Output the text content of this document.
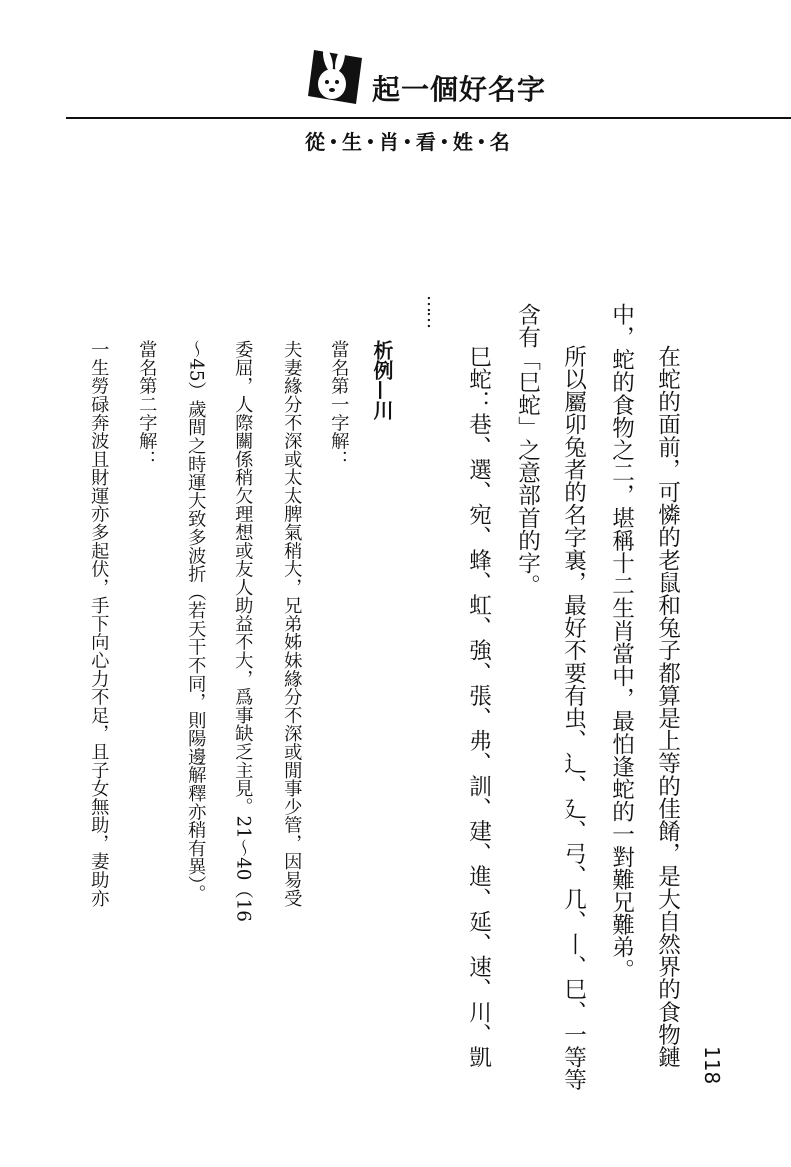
起一個好名字
從 • 生 • 肖 • 看 • 姓 • 名
在蛇的面前，可憐的老鼠和兔子都算是上等的佳餚，是大自然界的食物鏈
中，蛇的食物之二，堪稱十二生肖當中，最怕逢蛇的一對難兄難弟。
所以屬卯兔者的名字裏，最好不要有虫、辶、廴、弓、几、丨、巳、一等等
含有「巳蛇」之意部首的字。
巳蛇：巷、選、宛、蜂、虹、強、張、弗、訓、建、進、延、速、川、凱
……
析例—川
當名第一字解：
夫妻緣分不深或太太脾氣稍大，兄弟姊妹緣分不深或閒事少管，因易受
委屈，人際關係稍欠理想或友人助益不大，爲事缺乏主見。21～40（16
～45）歲間之時運大致多波折（若天干不同，則陽邊解釋亦稍有異）。
當名第二字解：
一生勞碌奔波且財運亦多起伏，手下向心力不足，且子女無助，妻助亦
118
